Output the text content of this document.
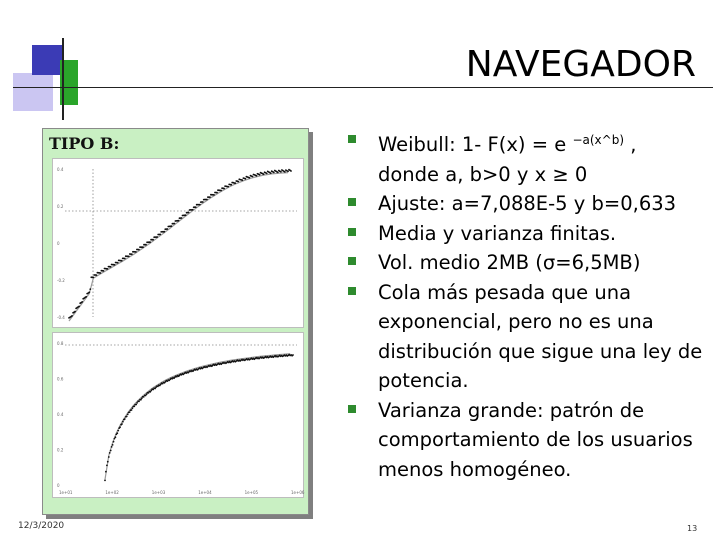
NAVEGADOR
TIPO B:
0.4
0.2
0
-0.2
-0.4
0.8
0.6
0.4
0.2
0
1e+01	1e+02	1e+03	1e+04	1e+05	1e+06
Weibull: 1- F(x) = e $^{-a(x\^{}b)}$ ,
donde a, b>0 y x ≥ 0
Ajuste: a=7,088E-5 y b=0,633
Media y varianza finitas.
Vol. medio 2MB (σ=6,5MB)
Cola más pesada que una exponencial, pero no es una distribución que sigue una ley de potencia.
Varianza grande: patrón de comportamiento de los usuarios menos homogéneo.
12/3/2020	13
